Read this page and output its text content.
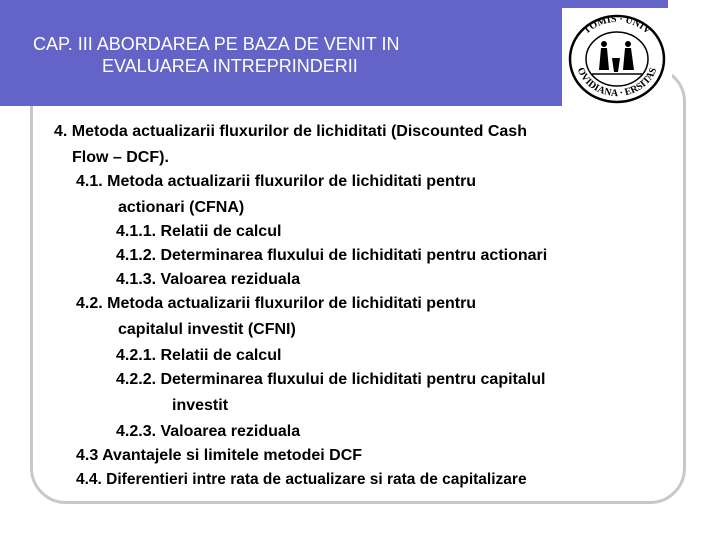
CAP. III ABORDAREA PE BAZA DE VENIT IN
EVALUAREA INTREPRINDERII
TOMIS · UNIV
OVIDIANA · ERSITAS
4. Metoda actualizarii fluxurilor de lichiditati (Discounted Cash
Flow – DCF).
4.1. Metoda actualizarii fluxurilor de lichiditati pentru
actionari (CFNA)
4.1.1. Relatii de calcul
4.1.2. Determinarea fluxului de lichiditati pentru actionari
4.1.3. Valoarea reziduala
4.2. Metoda actualizarii fluxurilor de lichiditati pentru
capitalul investit (CFNI)
4.2.1. Relatii de calcul
4.2.2. Determinarea fluxului de lichiditati pentru capitalul
investit
4.2.3. Valoarea reziduala
4.3 Avantajele si limitele metodei DCF
4.4. Diferentieri intre rata de actualizare si rata de capitalizare
